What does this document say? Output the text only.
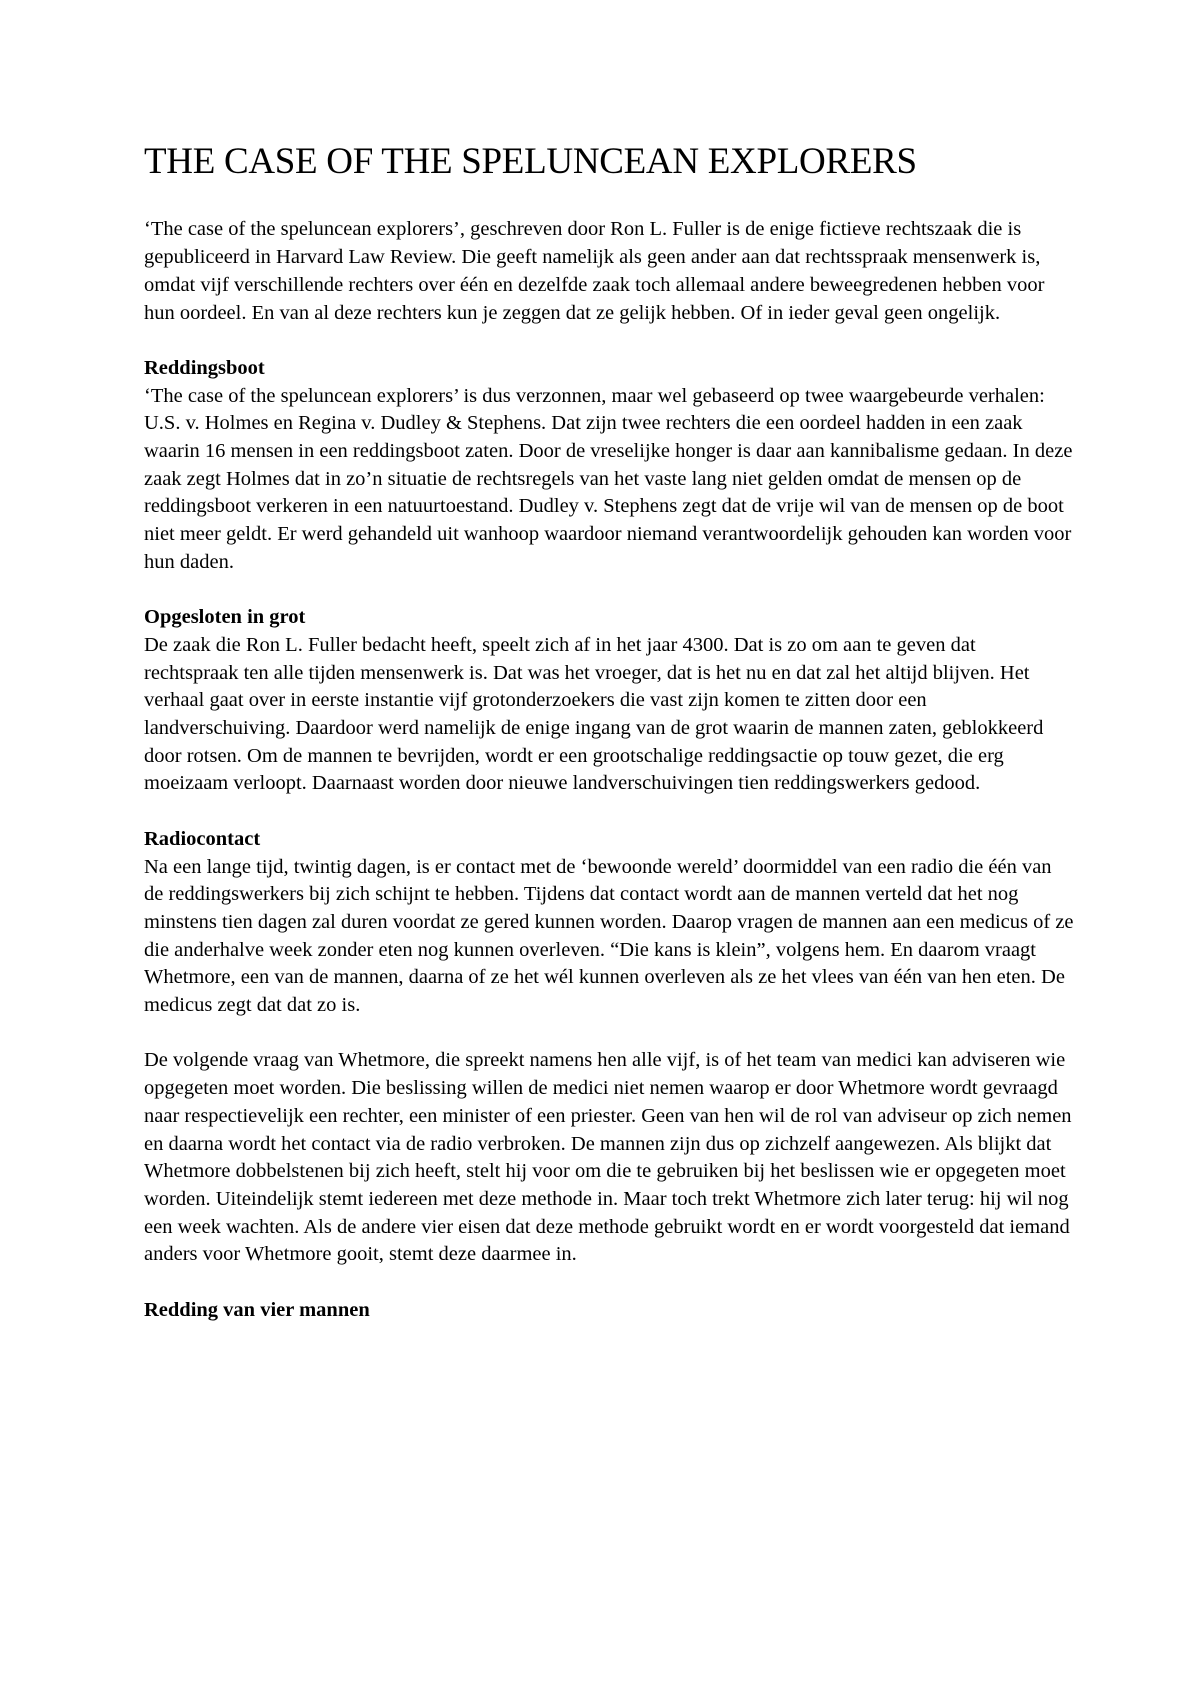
THE CASE OF THE SPELUNCEAN EXPLORERS

‘The case of the speluncean explorers’, geschreven door Ron L. Fuller is de enige fictieve rechtszaak die is gepubliceerd in Harvard Law Review. Die geeft namelijk als geen ander aan dat rechtsspraak mensenwerk is, omdat vijf verschillende rechters over één en dezelfde zaak toch allemaal andere beweegredenen hebben voor hun oordeel. En van al deze rechters kun je zeggen dat ze gelijk hebben. Of in ieder geval geen ongelijk.

Reddingsboot

‘The case of the speluncean explorers’ is dus verzonnen, maar wel gebaseerd op twee waargebeurde verhalen: U.S. v. Holmes en Regina v. Dudley & Stephens. Dat zijn twee rechters die een oordeel hadden in een zaak waarin 16 mensen in een reddingsboot zaten. Door de vreselijke honger is daar aan kannibalisme gedaan. In deze zaak zegt Holmes dat in zo’n situatie de rechtsregels van het vaste lang niet gelden omdat de mensen op de reddingsboot verkeren in een natuurtoestand. Dudley v. Stephens zegt dat de vrije wil van de mensen op de boot niet meer geldt. Er werd gehandeld uit wanhoop waardoor niemand verantwoordelijk gehouden kan worden voor hun daden.

Opgesloten in grot

De zaak die Ron L. Fuller bedacht heeft, speelt zich af in het jaar 4300. Dat is zo om aan te geven dat rechtspraak ten alle tijden mensenwerk is. Dat was het vroeger, dat is het nu en dat zal het altijd blijven. Het verhaal gaat over in eerste instantie vijf grotonderzoekers die vast zijn komen te zitten door een landverschuiving. Daardoor werd namelijk de enige ingang van de grot waarin de mannen zaten, geblokkeerd door rotsen. Om de mannen te bevrijden, wordt er een grootschalige reddingsactie op touw gezet, die erg moeizaam verloopt. Daarnaast worden door nieuwe landverschuivingen tien reddingswerkers gedood.

Radiocontact

Na een lange tijd, twintig dagen, is er contact met de ‘bewoonde wereld’ doormiddel van een radio die één van de reddingswerkers bij zich schijnt te hebben. Tijdens dat contact wordt aan de mannen verteld dat het nog minstens tien dagen zal duren voordat ze gered kunnen worden. Daarop vragen de mannen aan een medicus of ze die anderhalve week zonder eten nog kunnen overleven. “Die kans is klein”, volgens hem. En daarom vraagt Whetmore, een van de mannen, daarna of ze het wél kunnen overleven als ze het vlees van één van hen eten. De medicus zegt dat dat zo is.

De volgende vraag van Whetmore, die spreekt namens hen alle vijf, is of het team van medici kan adviseren wie opgegeten moet worden. Die beslissing willen de medici niet nemen waarop er door Whetmore wordt gevraagd naar respectievelijk een rechter, een minister of een priester. Geen van hen wil de rol van adviseur op zich nemen en daarna wordt het contact via de radio verbroken. De mannen zijn dus op zichzelf aangewezen. Als blijkt dat Whetmore dobbelstenen bij zich heeft, stelt hij voor om die te gebruiken bij het beslissen wie er opgegeten moet worden. Uiteindelijk stemt iedereen met deze methode in. Maar toch trekt Whetmore zich later terug: hij wil nog een week wachten. Als de andere vier eisen dat deze methode gebruikt wordt en er wordt voorgesteld dat iemand anders voor Whetmore gooit, stemt deze daarmee in.

Redding van vier mannen
